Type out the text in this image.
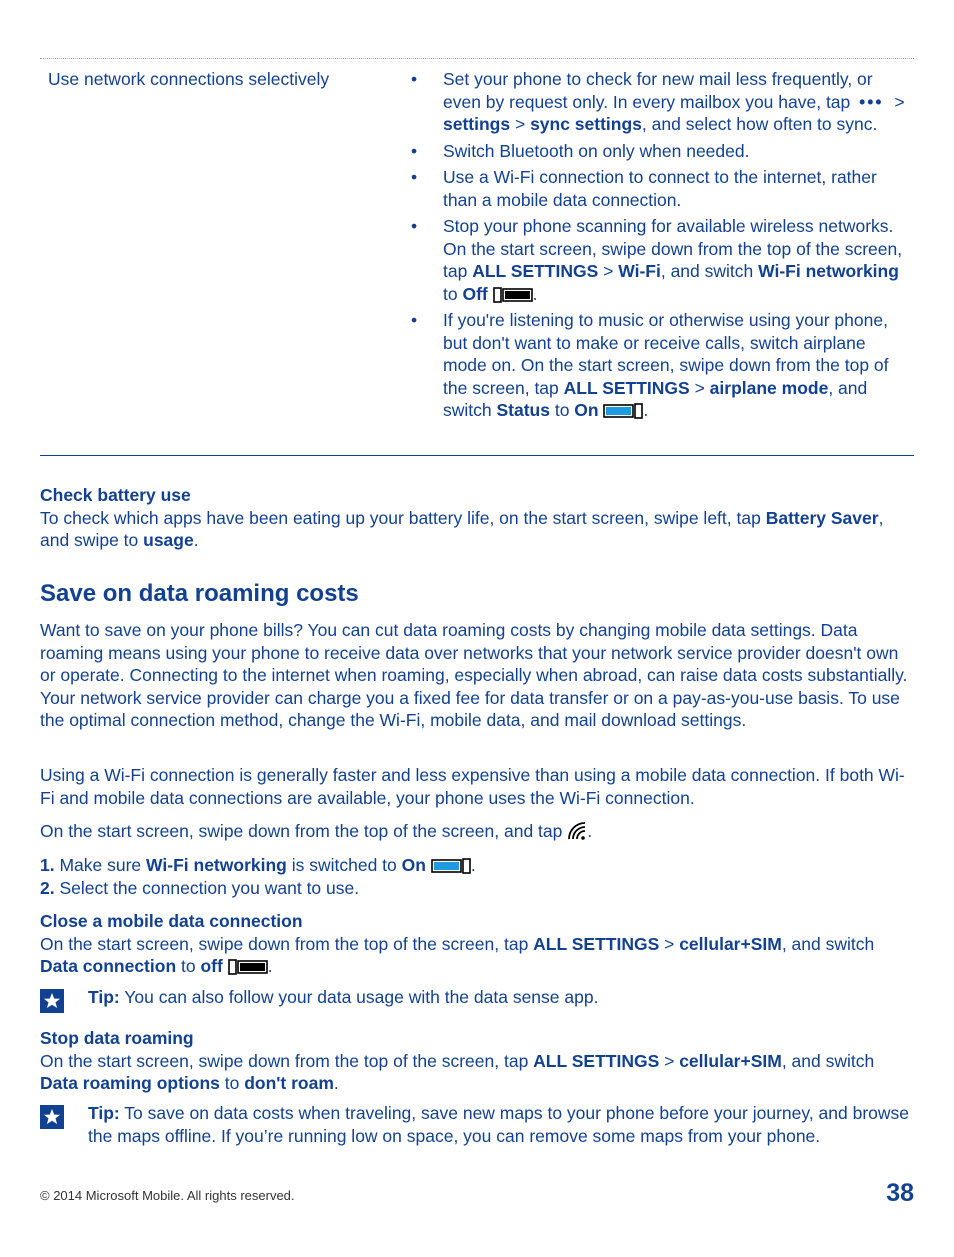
Use network connections selectively	• Set your phone to check for new mail less frequently, or even by request only. In every mailbox you have, tap ••• > settings > sync settings, and select how often to sync.
• Switch Bluetooth on only when needed.
• Use a Wi-Fi connection to connect to the internet, rather than a mobile data connection.
• Stop your phone scanning for available wireless networks. On the start screen, swipe down from the top of the screen, tap ALL SETTINGS > Wi-Fi, and switch Wi-Fi networking to Off	.
• If you're listening to music or otherwise using your phone, but don't want to make or receive calls, switch airplane mode on. On the start screen, swipe down from the top of the screen, tap ALL SETTINGS > airplane mode, and switch Status to On	.
Check battery use
To check which apps have been eating up your battery life, on the start screen, swipe left, tap Battery Saver, and swipe to usage.
Save on data roaming costs

Want to save on your phone bills? You can cut data roaming costs by changing mobile data settings. Data roaming means using your phone to receive data over networks that your network service provider doesn't own or operate. Connecting to the internet when roaming, especially when abroad, can raise data costs substantially. Your network service provider can charge you a fixed fee for data transfer or on a pay-as-you-use basis. To use the optimal connection method, change the Wi-Fi, mobile data, and mail download settings.

Using a Wi-Fi connection is generally faster and less expensive than using a mobile data connection. If both Wi-Fi and mobile data connections are available, your phone uses the Wi-Fi connection.

On the start screen, swipe down from the top of the screen, and tap .

1. Make sure Wi-Fi networking is switched to On	.
2. Select the connection you want to use.
Close a mobile data connection
On the start screen, swipe down from the top of the screen, tap ALL SETTINGS > cellular+SIM, and switch Data connection to off	.
Tip: You can also follow your data usage with the data sense app.
Stop data roaming
On the start screen, swipe down from the top of the screen, tap ALL SETTINGS > cellular+SIM, and switch Data roaming options to don't roam.
Tip: To save on data costs when traveling, save new maps to your phone before your journey, and browse the maps offline. If you’re running low on space, you can remove some maps from your phone.
© 2014 Microsoft Mobile. All rights reserved.	38
